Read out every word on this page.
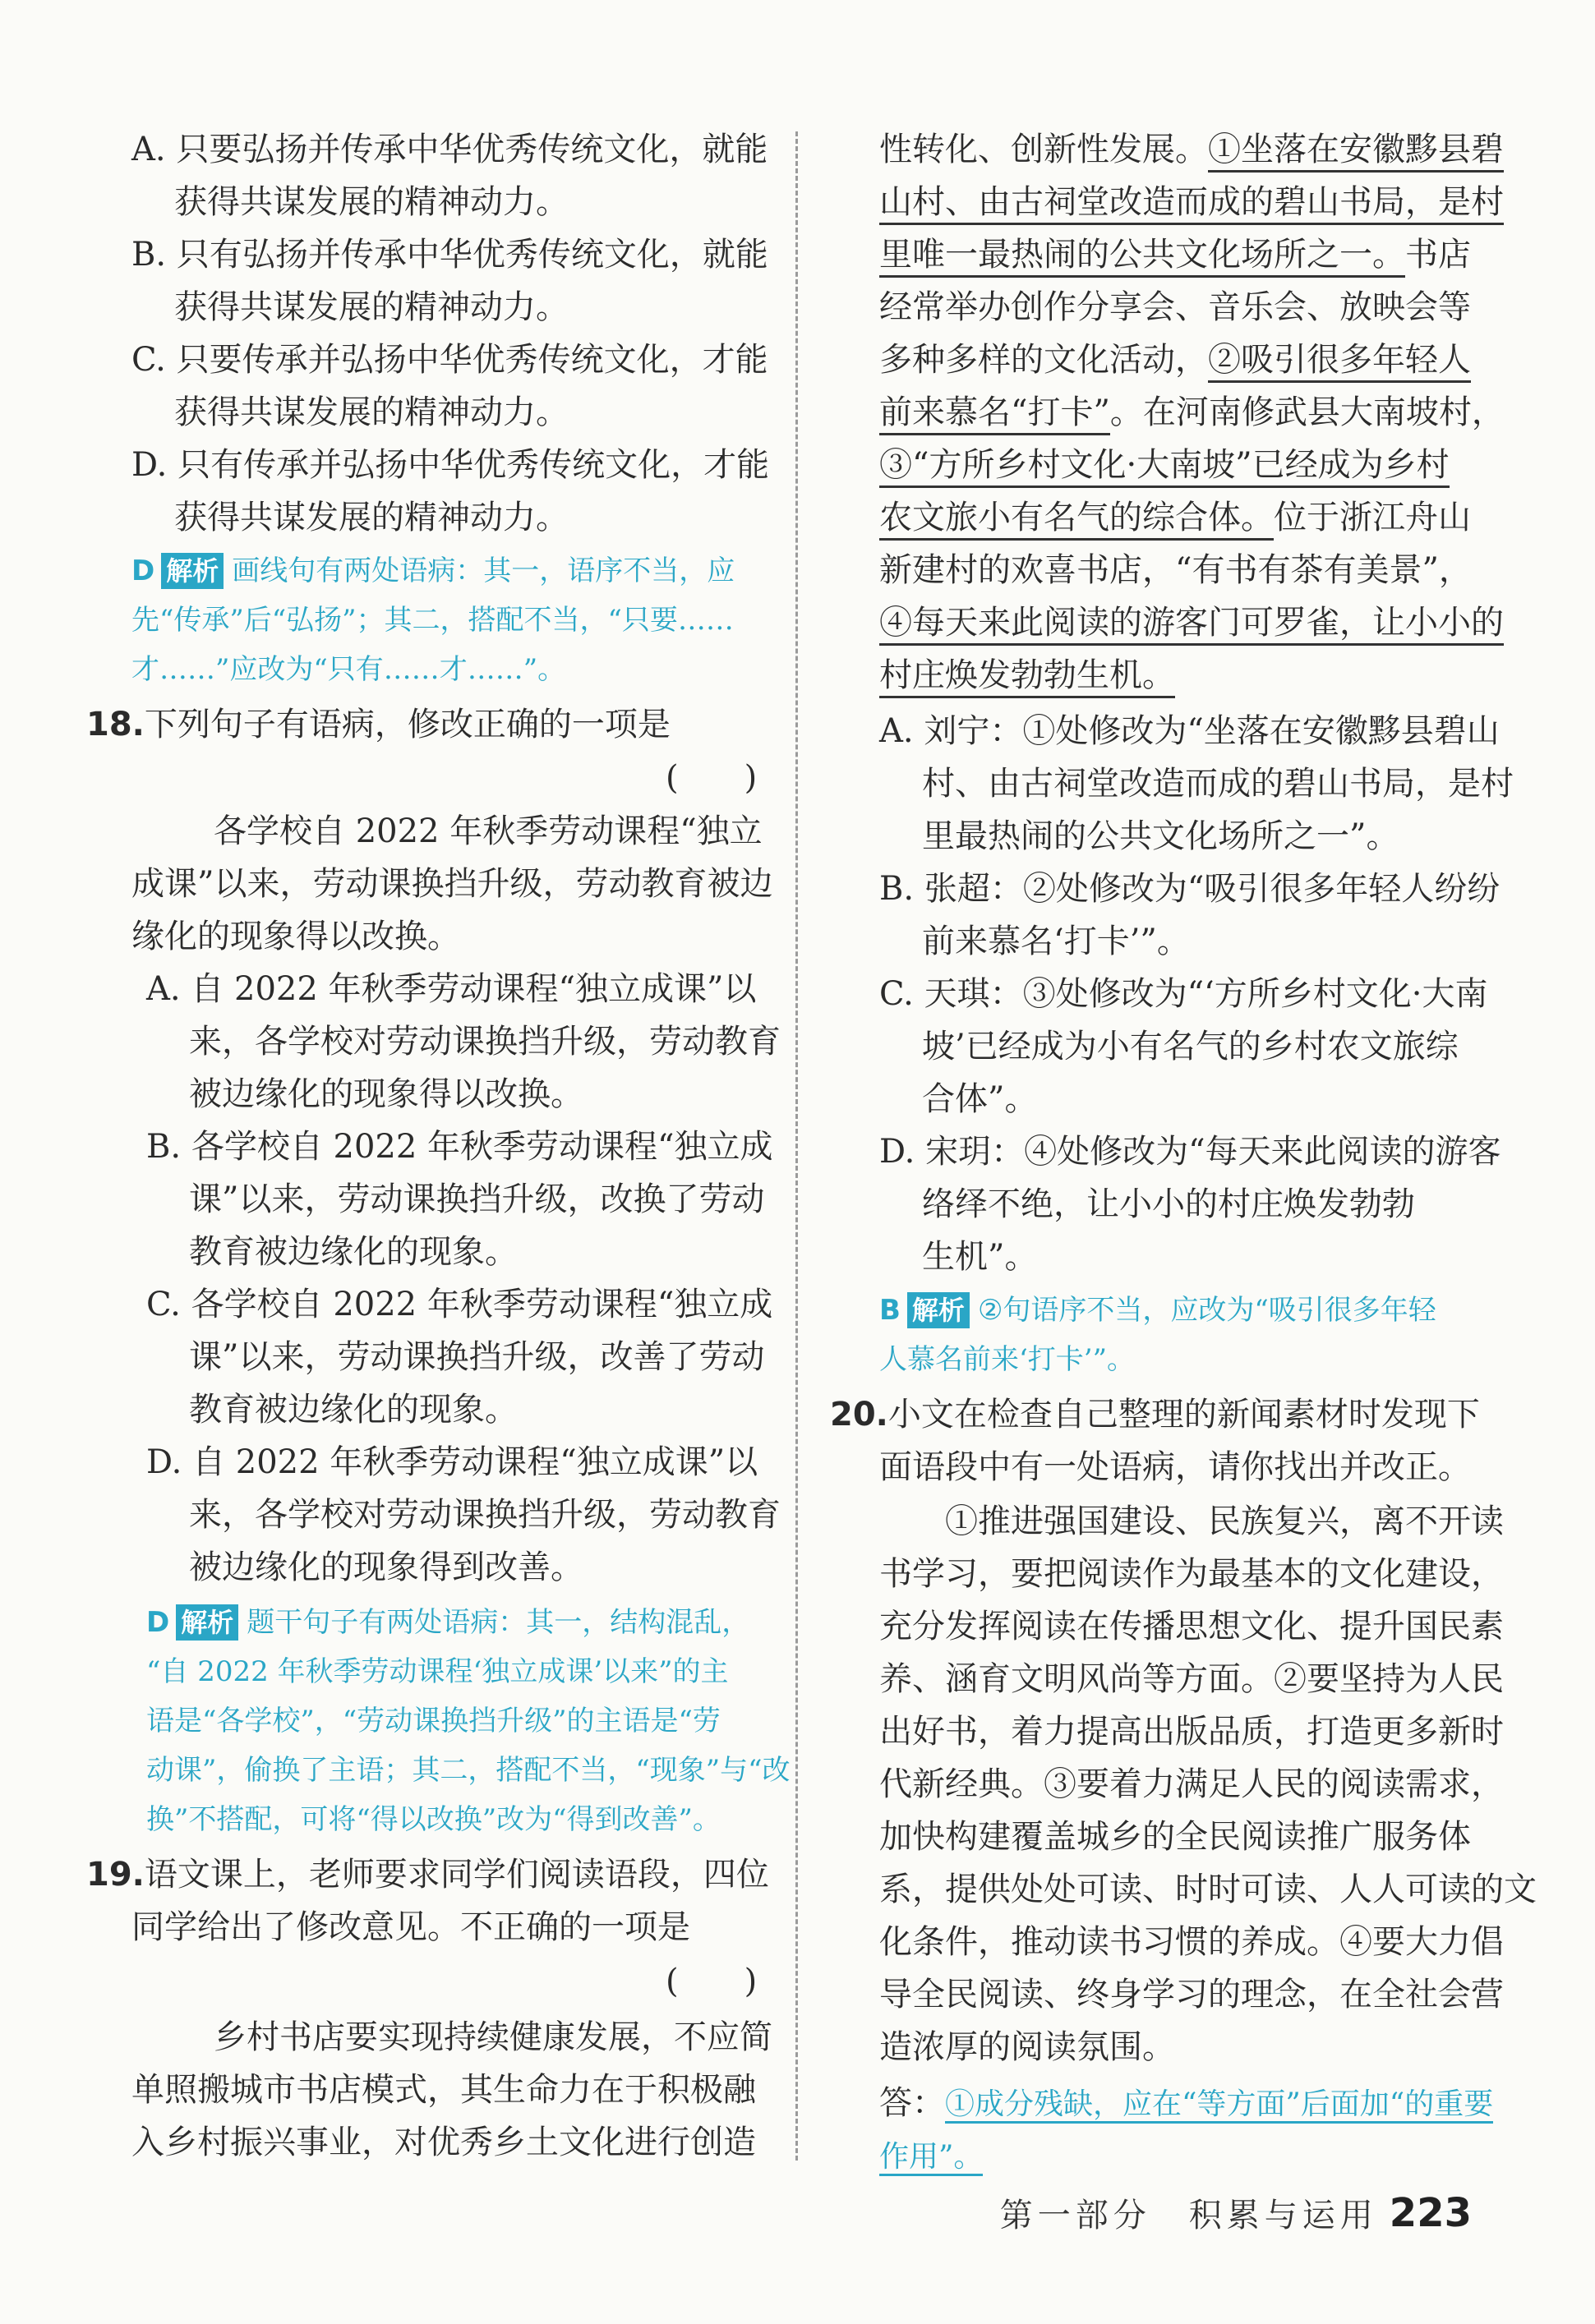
A. 只要弘扬并传承中华优秀传统文化，就能
获得共谋发展的精神动力。
B. 只有弘扬并传承中华优秀传统文化，就能
获得共谋发展的精神动力。
C. 只要传承并弘扬中华优秀传统文化，才能
获得共谋发展的精神动力。
D. 只有传承并弘扬中华优秀传统文化，才能
获得共谋发展的精神动力。
D 解析 画线句有两处语病：其一，语序不当，应
先“传承”后“弘扬”；其二，搭配不当，“只要……
才……”应改为“只有……才……”。
18.下列句子有语病，修改正确的一项是
(　　)
各学校自 2022 年秋季劳动课程“独立
成课”以来，劳动课换挡升级，劳动教育被边
缘化的现象得以改换。
A. 自 2022 年秋季劳动课程“独立成课”以
来，各学校对劳动课换挡升级，劳动教育
被边缘化的现象得以改换。
B. 各学校自 2022 年秋季劳动课程“独立成
课”以来，劳动课换挡升级，改换了劳动
教育被边缘化的现象。
C. 各学校自 2022 年秋季劳动课程“独立成
课”以来，劳动课换挡升级，改善了劳动
教育被边缘化的现象。
D. 自 2022 年秋季劳动课程“独立成课”以
来，各学校对劳动课换挡升级，劳动教育
被边缘化的现象得到改善。
D 解析 题干句子有两处语病：其一，结构混乱，
“自 2022 年秋季劳动课程‘独立成课’以来”的主
语是“各学校”，“劳动课换挡升级”的主语是“劳
动课”，偷换了主语；其二，搭配不当，“现象”与“改
换”不搭配，可将“得以改换”改为“得到改善”。
19.语文课上，老师要求同学们阅读语段，四位
同学给出了修改意见。不正确的一项是
(　　)
乡村书店要实现持续健康发展，不应简
单照搬城市书店模式，其生命力在于积极融
入乡村振兴事业，对优秀乡土文化进行创造
性转化、创新性发展。①坐落在安徽黟县碧
山村、由古祠堂改造而成的碧山书局，是村
里唯一最热闹的公共文化场所之一。书店
经常举办创作分享会、音乐会、放映会等
多种多样的文化活动，②吸引很多年轻人
前来慕名“打卡”。在河南修武县大南坡村，
③“方所乡村文化·大南坡”已经成为乡村
农文旅小有名气的综合体。位于浙江舟山
新建村的欢喜书店，“有书有茶有美景”，
④每天来此阅读的游客门可罗雀，让小小的
村庄焕发勃勃生机。
A. 刘宁：①处修改为“坐落在安徽黟县碧山
村、由古祠堂改造而成的碧山书局，是村
里最热闹的公共文化场所之一”。
B. 张超：②处修改为“吸引很多年轻人纷纷
前来慕名‘打卡’”。
C. 天琪：③处修改为“‘方所乡村文化·大南
坡’已经成为小有名气的乡村农文旅综
合体”。
D. 宋玥：④处修改为“每天来此阅读的游客
络绎不绝，让小小的村庄焕发勃勃
生机”。
B 解析 ②句语序不当，应改为“吸引很多年轻
人慕名前来‘打卡’”。
20.小文在检查自己整理的新闻素材时发现下
面语段中有一处语病，请你找出并改正。
①推进强国建设、民族复兴，离不开读
书学习，要把阅读作为最基本的文化建设，
充分发挥阅读在传播思想文化、提升国民素
养、涵育文明风尚等方面。②要坚持为人民
出好书，着力提高出版品质，打造更多新时
代新经典。③要着力满足人民的阅读需求，
加快构建覆盖城乡的全民阅读推广服务体
系，提供处处可读、时时可读、人人可读的文
化条件，推动读书习惯的养成。④要大力倡
导全民阅读、终身学习的理念，在全社会营
造浓厚的阅读氛围。
答：①成分残缺，应在“等方面”后面加“的重要
作用”。
第一部分　积累与运用 223
